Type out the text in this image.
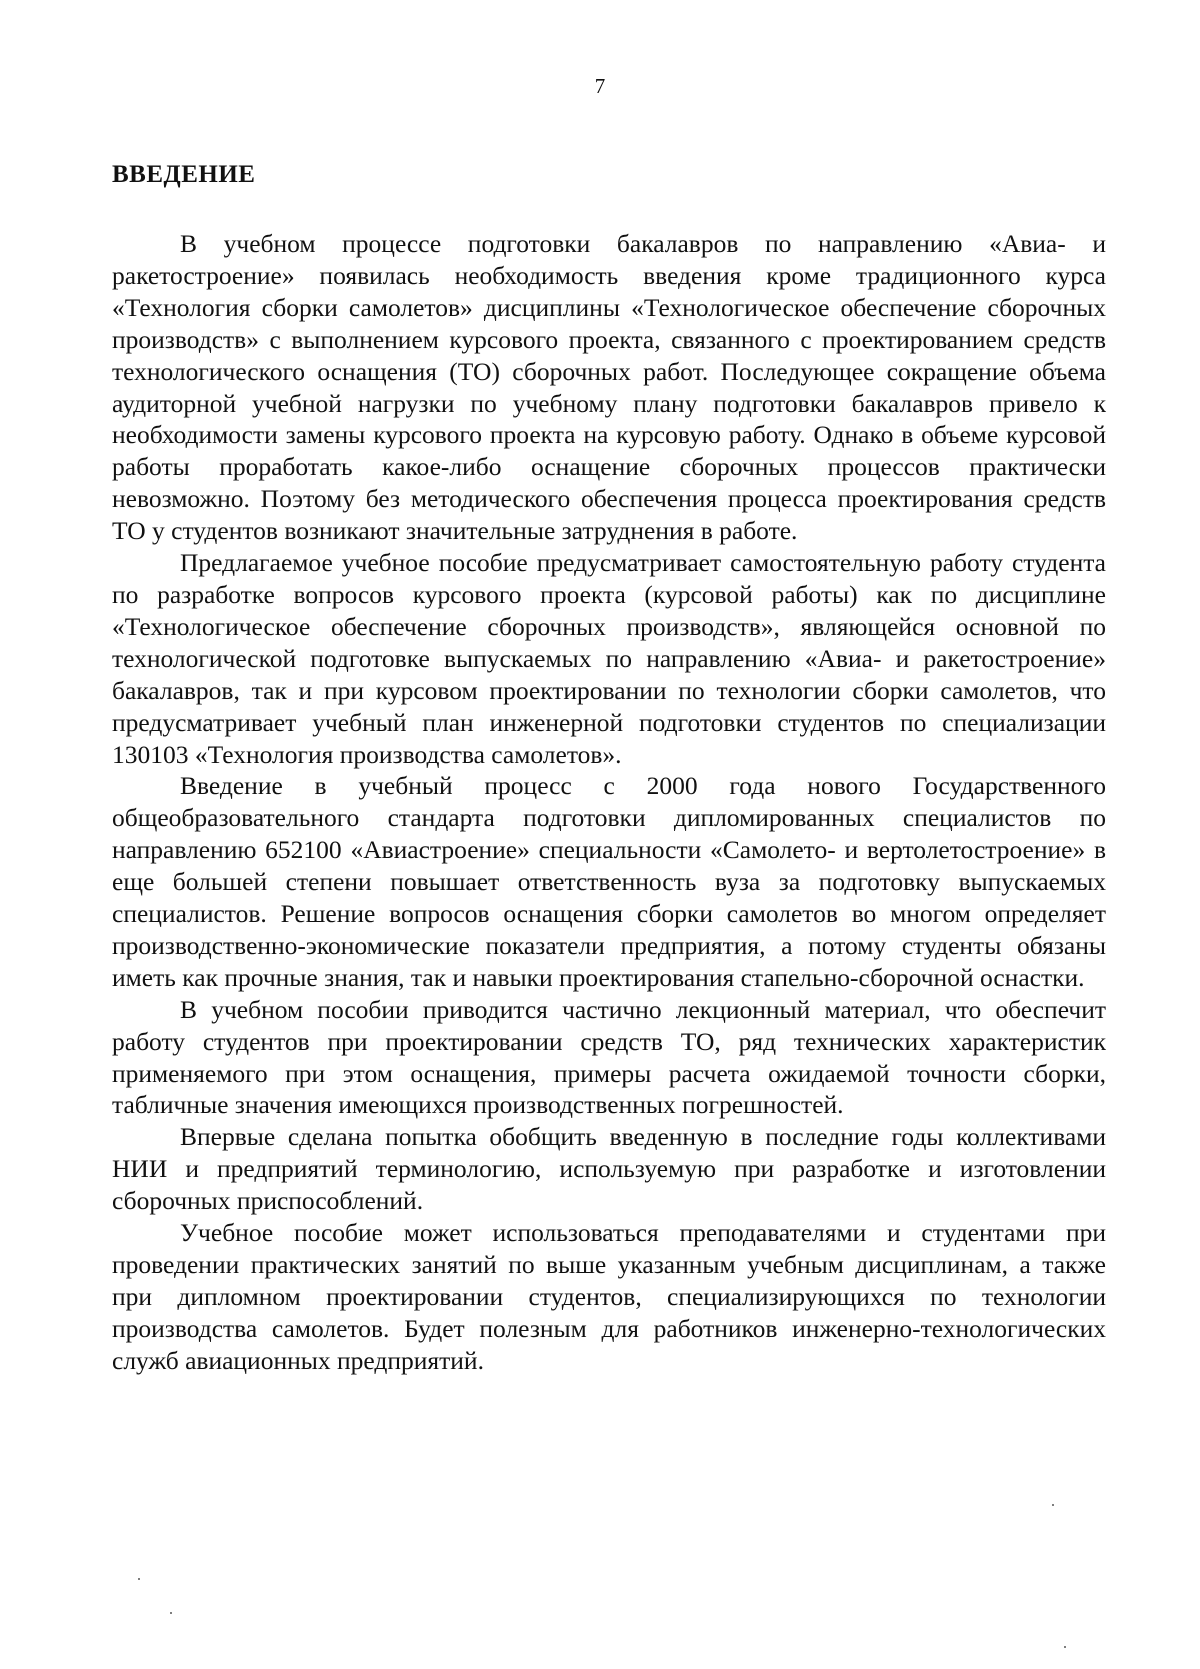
7
ВВЕДЕНИЕ

В учебном процессе подготовки бакалавров по направлению «Авиа- и ракетостроение» появилась необходимость введения кроме традиционного курса «Технология сборки самолетов» дисциплины «Технологическое обеспечение сборочных производств» с выполнением курсового проекта, связанного с проектированием средств технологического оснащения (ТО) сборочных работ. Последующее сокращение объема аудиторной учебной нагрузки по учебному плану подготовки бакалавров привело к необходимости замены курсового проекта на курсовую работу. Однако в объеме курсовой работы проработать какое-либо оснащение сборочных процессов практически невозможно. Поэтому без методического обеспечения процесса проектирования средств ТО у студентов возникают значительные затруднения в работе.

Предлагаемое учебное пособие предусматривает самостоятельную работу студента по разработке вопросов курсового проекта (курсовой работы) как по дисциплине «Технологическое обеспечение сборочных производств», являющейся основной по технологической подготовке выпускаемых по направлению «Авиа- и ракетостроение» бакалавров, так и при курсовом проектировании по технологии сборки самолетов, что предусматривает учебный план инженерной подготовки студентов по специализации 130103 «Технология производства самолетов».

Введение в учебный процесс с 2000 года нового Государственного общеобразовательного стандарта подготовки дипломированных специалистов по направлению 652100 «Авиастроение» специальности «Самолето- и вертолетостроение» в еще большей степени повышает ответственность вуза за подготовку выпускаемых специалистов. Решение вопросов оснащения сборки самолетов во многом определяет производственно-экономические показатели предприятия, а потому студенты обязаны иметь как прочные знания, так и навыки проектирования стапельно-сборочной оснастки.

В учебном пособии приводится частично лекционный материал, что обеспечит работу студентов при проектировании средств ТО, ряд технических характеристик применяемого при этом оснащения, примеры расчета ожидаемой точности сборки, табличные значения имеющихся производственных погрешностей.

Впервые сделана попытка обобщить введенную в последние годы коллективами НИИ и предприятий терминологию, используемую при разработке и изготовлении сборочных приспособлений.

Учебное пособие может использоваться преподавателями и студентами при проведении практических занятий по выше указанным учебным дисциплинам, а также при дипломном проектировании студентов, специализирующихся по технологии производства самолетов. Будет полезным для работников инженерно-технологических служб авиационных предприятий.
